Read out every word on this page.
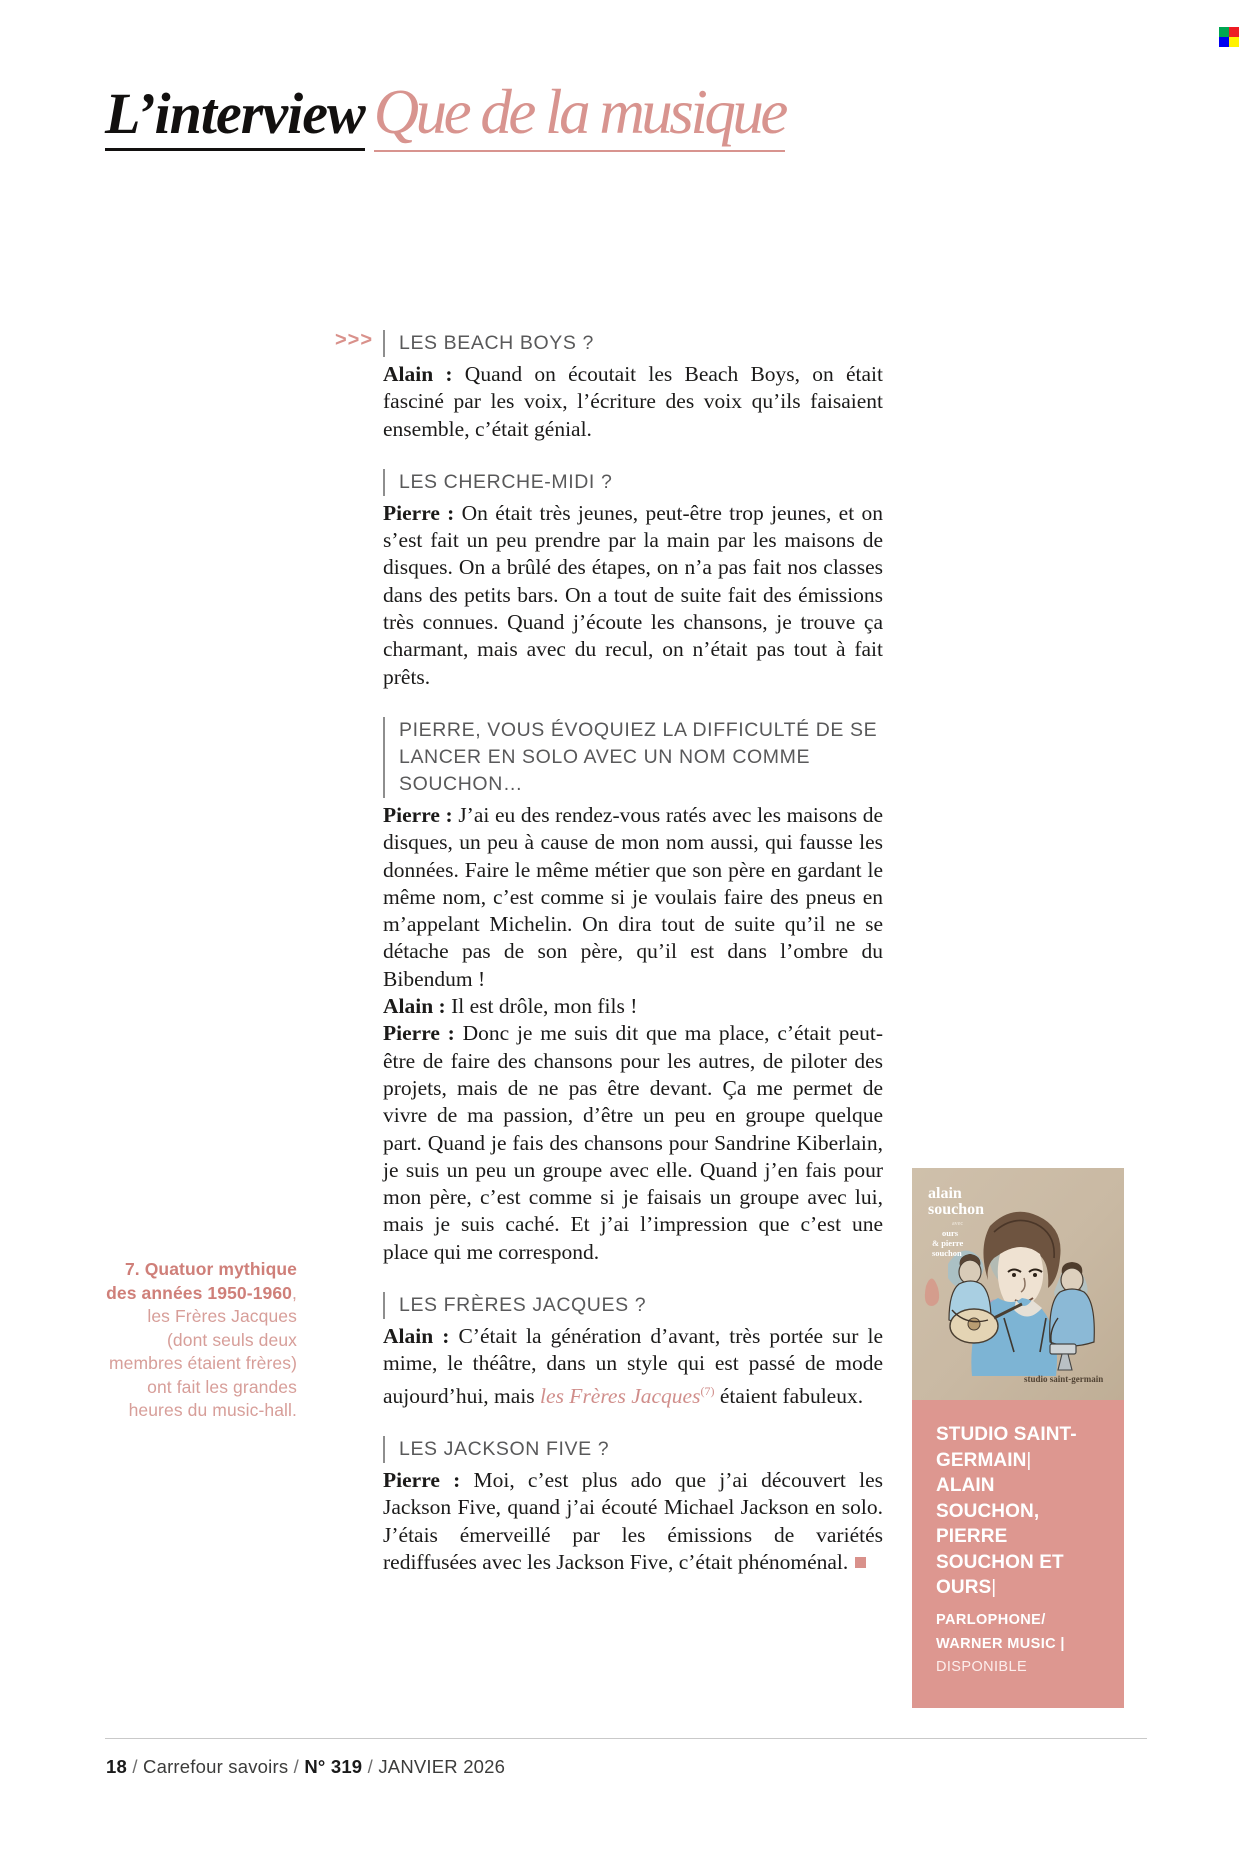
L’interview Que de la musique
>>> LES BEACH BOYS ?

Alain : Quand on écoutait les Beach Boys, on était fasciné par les voix, l’écriture des voix qu’ils faisaient ensemble, c’était génial.

LES CHERCHE-MIDI ?

Pierre : On était très jeunes, peut-être trop jeunes, et on s’est fait un peu prendre par la main par les maisons de disques. On a brûlé des étapes, on n’a pas fait nos classes dans des petits bars. On a tout de suite fait des émissions très connues. Quand j’écoute les chansons, je trouve ça charmant, mais avec du recul, on n’était pas tout à fait prêts.

PIERRE, VOUS ÉVOQUIEZ LA DIFFICULTÉ DE SE LANCER EN SOLO AVEC UN NOM COMME SOUCHON…

Pierre : J’ai eu des rendez-vous ratés avec les maisons de disques, un peu à cause de mon nom aussi, qui fausse les données. Faire le même métier que son père en gardant le même nom, c’est comme si je voulais faire des pneus en m’appelant Michelin. On dira tout de suite qu’il ne se détache pas de son père, qu’il est dans l’ombre du Bibendum !

Alain : Il est drôle, mon fils !

Pierre : Donc je me suis dit que ma place, c’était peut-être de faire des chansons pour les autres, de piloter des projets, mais de ne pas être devant. Ça me permet de vivre de ma passion, d’être un peu en groupe quelque part. Quand je fais des chansons pour Sandrine Kiberlain, je suis un peu un groupe avec elle. Quand j’en fais pour mon père, c’est comme si je faisais un groupe avec lui, mais je suis caché. Et j’ai l’impression que c’est une place qui me correspond.

LES FRÈRES JACQUES ?

Alain : C’était la génération d’avant, très portée sur le mime, le théâtre, dans un style qui est passé de mode aujourd’hui, mais les Frères Jacques$^{(7)}$ étaient fabuleux.

LES JACKSON FIVE ?

Pierre : Moi, c’est plus ado que j’ai découvert les Jackson Five, quand j’ai écouté Michael Jackson en solo. J’étais émerveillé par les émissions de variétés rediffusées avec les Jackson Five, c’était phénoménal.

7. Quatuor mythique des années 1950-1960, les Frères Jacques (dont seuls deux membres étaient frères) ont fait les grandes heures du music-hall.
alain
souchon
avec
ours
& pierre
souchon
studio saint-germain
STUDIO SAINT-GERMAIN|
ALAIN SOUCHON, PIERRE SOUCHON ET OURS|
PARLOPHONE/ WARNER MUSIC |
DISPONIBLE
18 / Carrefour savoirs / N° 319 / JANVIER 2026
